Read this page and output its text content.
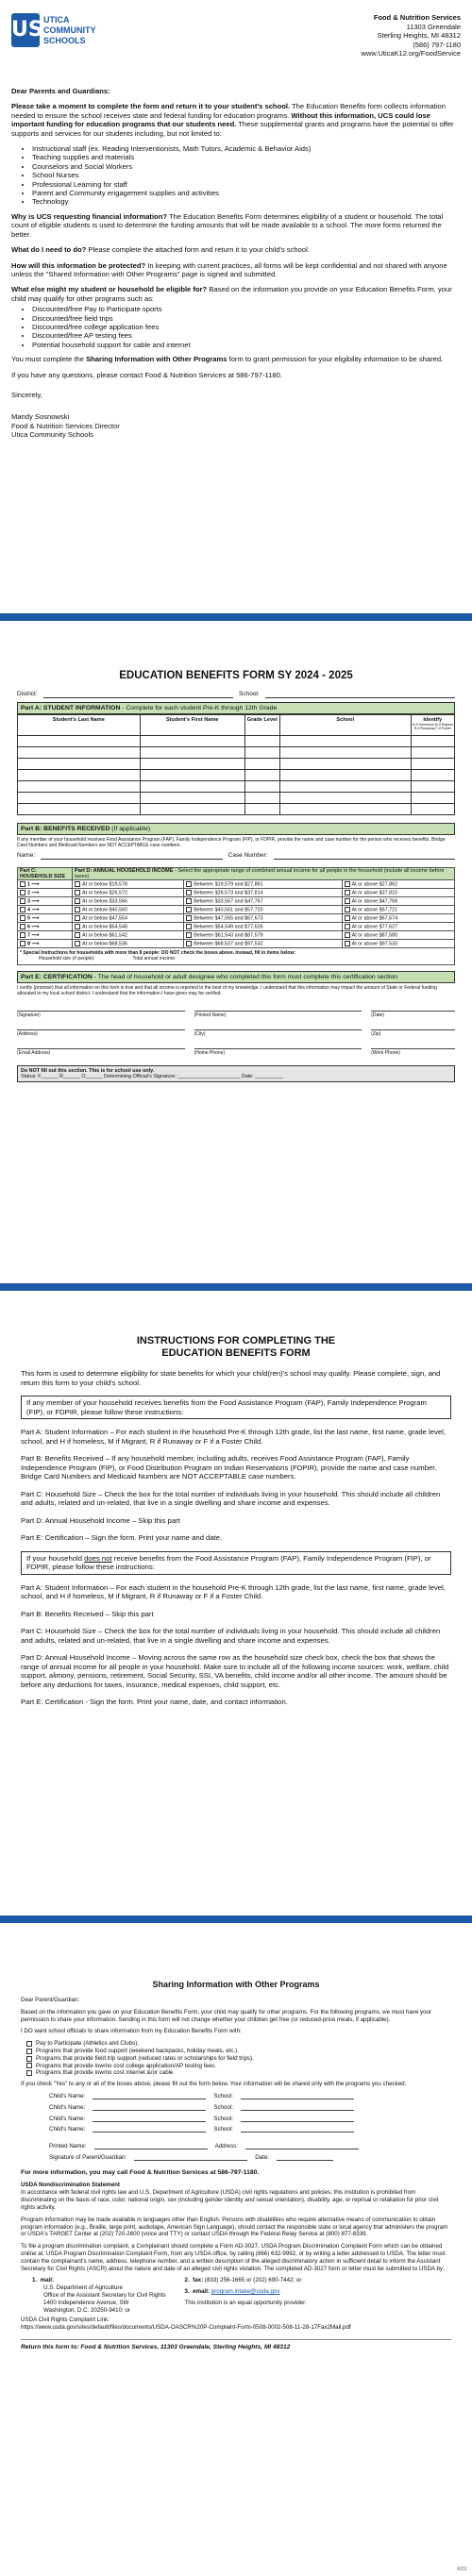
US UTICA
COMMUNITY
SCHOOLS
Food & Nutrition Services
11303 Greendale
Sterling Heights, MI 48312
(586) 797-1180
www.UticaK12.org/FoodService

Dear Parents and Guardians:

Please take a moment to complete the form and return it to your student's school. The Education Benefits form collects information needed to ensure the school receives state and federal funding for education programs. Without this information, UCS could lose important funding for education programs that our students need. These supplemental grants and programs have the potential to offer supports and services for our students including, but not limited to:

• Instructional staff (ex. Reading Interventionists, Math Tutors, Academic & Behavior Aids)
• Teaching supplies and materials
• Counselors and Social Workers
• School Nurses
• Professional Learning for staff
• Parent and Community engagement supplies and activities
• Technology

Why is UCS requesting financial information? The Education Benefits Form determines eligibility of a student or household. The total count of eligible students is used to determine the funding amounts that will be made available to a school. The more forms returned the better.

What do I need to do? Please complete the attached form and return it to your child's school.

How will this information be protected? In keeping with current practices, all forms will be kept confidential and not shared with anyone unless the "Shared Information with Other Programs" page is signed and submitted.

What else might my student or household be eligible for? Based on the information you provide on your Education Benefits Form, your child may qualify for other programs such as:

• Discounted/free Pay to Participate sports
• Discounted/free field trips
• Discounted/free college application fees
• Discounted/free AP testing fees
• Potential household support for cable and internet

You must complete the Sharing Information with Other Programs form to grant permission for your eligibility information to be shared.

If you have any questions, please contact Food & Nutrition Services at 586-797-1180.

Sincerely,

Mandy Sosnowski
Food & Nutrition Services Director
Utica Community Schools
EDUCATION BENEFITS FORM SY 2024 - 2025
District:	School:
Part A: STUDENT INFORMATION - Complete for each student Pre-K through 12th Grade
Student's Last Name	Student's First Name	Grade Level	School	Identify
H-If Homeless M-If Migrant R-If Runaway F-If Foster

Part B: BENEFITS RECEIVED (If applicable)
If any member of your household receives Food Assistance Program (FAP), Family Independence Program (FIP), or FDPIR, provide the name and case number for the person who receives benefits. Bridge Card Numbers and Medicaid Numbers are NOT ACCEPTABLE case numbers.
Name:	Case Number:
Part C: HOUSEHOLD SIZE	Part D: ANNUAL HOUSEHOLD INCOME - Select the appropriate range of combined annual income for all people in the household (include all income before taxes)		
1 ⟶	At or below $19,578	Between $19,579 and $27,861	At or above $27,862
2 ⟶	At or below $26,572	Between $26,573 and $37,814	At or above $37,815
3 ⟶	At or below $33,566	Between $33,567 and $47,767	At or above $47,768
4 ⟶	At or below $40,560	Between $40,561 and $57,720	At or above $57,721
5 ⟶	At or below $47,554	Between $47,555 and $67,673	At or above $67,674
6 ⟶	At or below $54,548	Between $54,549 and $77,626	At or above $77,627
7 ⟶	At or below $61,542	Between $61,543 and $87,579	At or above $87,580
8 ⟶	At or below $68,536	Between $68,537 and $97,532	At or above $97,533

* Special Instructions for households with more than 8 people: DO NOT check the boxes above. Instead, fill in items below:
Household size (# people): Total annual income:			
Part E: CERTIFICATION - The head of household or adult designee who completed this form must complete this certification section
I certify (promise) that all information on this form is true and that all income is reported to the best of my knowledge. I understand that this information may impact the amount of State or Federal funding allocated to my local school district. I understand that the information I have given may be verified.
(Signature)	(Printed Name)	(Date)
(Address)	(City)	(Zip)
(Email Address)	(Home Phone)	(Work Phone)
Do NOT fill out this section. This is for school use only.
Status: F______ R______ O______ Determining Official's Signature: ______________________ Date: __________
INSTRUCTIONS FOR COMPLETING THE
EDUCATION BENEFITS FORM

This form is used to determine eligibility for state benefits for which your child(ren)'s school may qualify. Please complete, sign, and return this form to your child's school.

If any member of your household receives benefits from the Food Assistance Program (FAP), Family Independence Program (FIP), or FDPIR, please follow these instructions:

Part A: Student Information – For each student in the household Pre-K through 12th grade, list the last name, first name, grade level, school, and H if homeless, M if Migrant, R if Runaway or F if a Foster Child.

Part B: Benefits Received – If any household member, including adults, receives Food Assistance Program (FAP), Family Independence Program (FIP), or Food Distribution Program on Indian Reservations (FDPIR), provide the name and case number. Bridge Card Numbers and Medicaid Numbers are NOT ACCEPTABLE case numbers.

Part C: Household Size – Check the box for the total number of individuals living in your household. This should include all children and adults, related and un-related, that live in a single dwelling and share income and expenses.

Part D: Annual Household Income – Skip this part

Part E: Certification – Sign the form. Print your name and date.

If your household does not receive benefits from the Food Assistance Program (FAP), Family Independence Program (FIP), or FDPIR, please follow these instructions:

Part A: Student Information – For each student in the household Pre-K through 12th grade, list the last name, first name, grade level, school, and H if homeless, M if Migrant, R if Runaway or F if a Foster Child.

Part B: Benefits Received – Skip this part

Part C: Household Size – Check the box for the total number of individuals living in your household. This should include all children and adults, related and un-related, that live in a single dwelling and share income and expenses.

Part D: Annual Household Income – Moving across the same row as the household size check box, check the box that shows the range of annual income for all people in your household. Make sure to include all of the following income sources: work, welfare, child support, alimony, pensions, retirement, Social Security, SSI, VA benefits, child income and/or all other income. The amount should be before any deductions for taxes, insurance, medical expenses, child support, etc.

Part E: Certification - Sign the form. Print your name, date, and contact information.

Sharing Information with Other Programs

Dear Parent/Guardian:

Based on the information you gave on your Education Benefits Form, your child may qualify for other programs. For the following programs, we must have your permission to share your information. Sending in this form will not change whether your children get free (or reduced-price meals, if applicable).

I DO want school officials to share information from my Education Benefits Form with:

Pay to Participate (Athletics and Clubs).
Programs that provide food support (weekend backpacks, holiday meals, etc.).
Programs that provide field trip support (reduced rates or scholarships for field trips).
Programs that provide low/no cost college application/AP testing fees.
Programs that provide low/no cost internet &/or cable

If you check "Yes" to any or all of the boxes above, please fill out the form below. Your information will be shared only with the programs you checked.

Child's Name:	School:
Child's Name:	School:
Child's Name:	School:
Child's Name:	School:
Printed Name:	Address:
Signature of Parent/Guardian:	Date:

For more information, you may call Food & Nutrition Services at 586-797-1180.

USDA Nondiscrimination Statement

In accordance with federal civil rights law and U.S. Department of Agriculture (USDA) civil rights regulations and policies, this institution is prohibited from discriminating on the basis of race, color, national origin, sex (including gender identity and sexual orientation), disability, age, or reprisal or retaliation for prior civil rights activity.

Program information may be made available in languages other than English. Persons with disabilities who require alternative means of communication to obtain program information (e.g., Braille, large print, audiotape, American Sign Language), should contact the responsible state or local agency that administers the program or USDA's TARGET Center at (202) 720-2600 (voice and TTY) or contact USDA through the Federal Relay Service at (800) 877-8339.

To file a program discrimination complaint, a Complainant should complete a Form AD-3027, USDA Program Discrimination Complaint Form which can be obtained online at: USDA Program Discrimination Complaint Form, from any USDA office, by calling (866) 632-9992, or by writing a letter addressed to USDA. The letter must contain the complainant's name, address, telephone number, and a written description of the alleged discriminatory action in sufficient detail to inform the Assistant Secretary for Civil Rights (ASCR) about the nature and date of an alleged civil rights violation. The completed AD-3027 form or letter must be submitted to USDA by:

1.  mail:
U.S. Department of Agriculture
Office of the Assistant Secretary for Civil Rights
1400 Independence Avenue, SW
Washington, D.C. 20250-9410; or
2.  fax: (833) 256-1665 or (202) 690-7442; or
3.  email: program.intake@usda.gov
This institution is an equal opportunity provider.
USDA Civil Rights Complaint Link:
https://www.usda.gov/sites/default/files/documents/USDA-OASCR%20P-Complaint-Form-0508-0002-508-11-28-17Fax2Mail.pdf
Return this form to: Food & Nutrition Services, 11303 Greendale, Sterling Heights, MI 48312
6/23
